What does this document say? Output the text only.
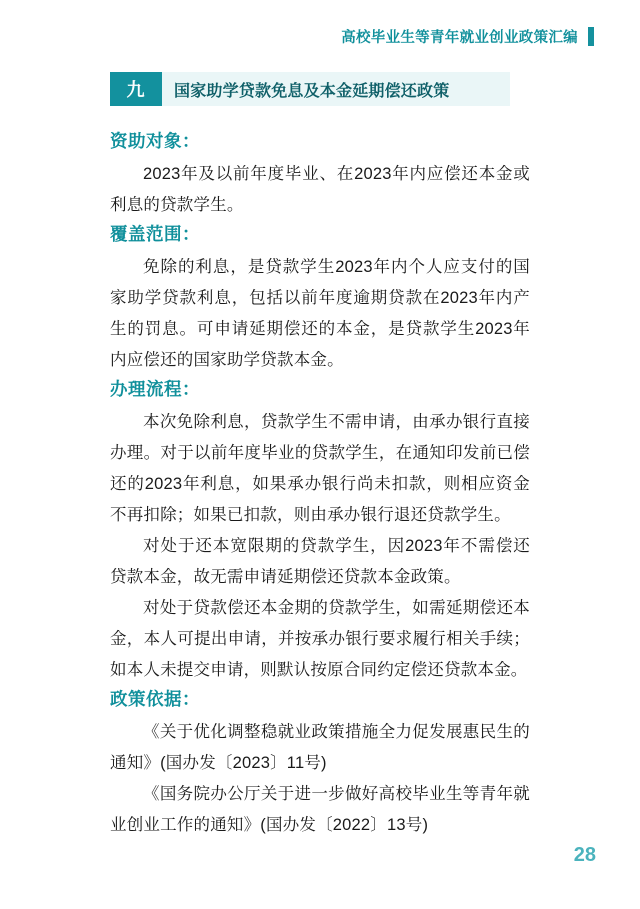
高校毕业生等青年就业创业政策汇编
九	国家助学贷款免息及本金延期偿还政策
资助对象：

2023年及以前年度毕业、在2023年内应偿还本金或利息的贷款学生。

覆盖范围：

免除的利息，是贷款学生2023年内个人应支付的国家助学贷款利息，包括以前年度逾期贷款在2023年内产生的罚息。可申请延期偿还的本金，是贷款学生2023年内应偿还的国家助学贷款本金。

办理流程：

本次免除利息，贷款学生不需申请，由承办银行直接办理。对于以前年度毕业的贷款学生，在通知印发前已偿还的2023年利息，如果承办银行尚未扣款，则相应资金不再扣除；如果已扣款，则由承办银行退还贷款学生。

对处于还本宽限期的贷款学生，因2023年不需偿还贷款本金，故无需申请延期偿还贷款本金政策。

对处于贷款偿还本金期的贷款学生，如需延期偿还本金，本人可提出申请，并按承办银行要求履行相关手续；如本人未提交申请，则默认按原合同约定偿还贷款本金。

政策依据：

《关于优化调整稳就业政策措施全力促发展惠民生的通知》(国办发〔2023〕11号)

《国务院办公厅关于进一步做好高校毕业生等青年就业创业工作的通知》(国办发〔2022〕13号)

28
